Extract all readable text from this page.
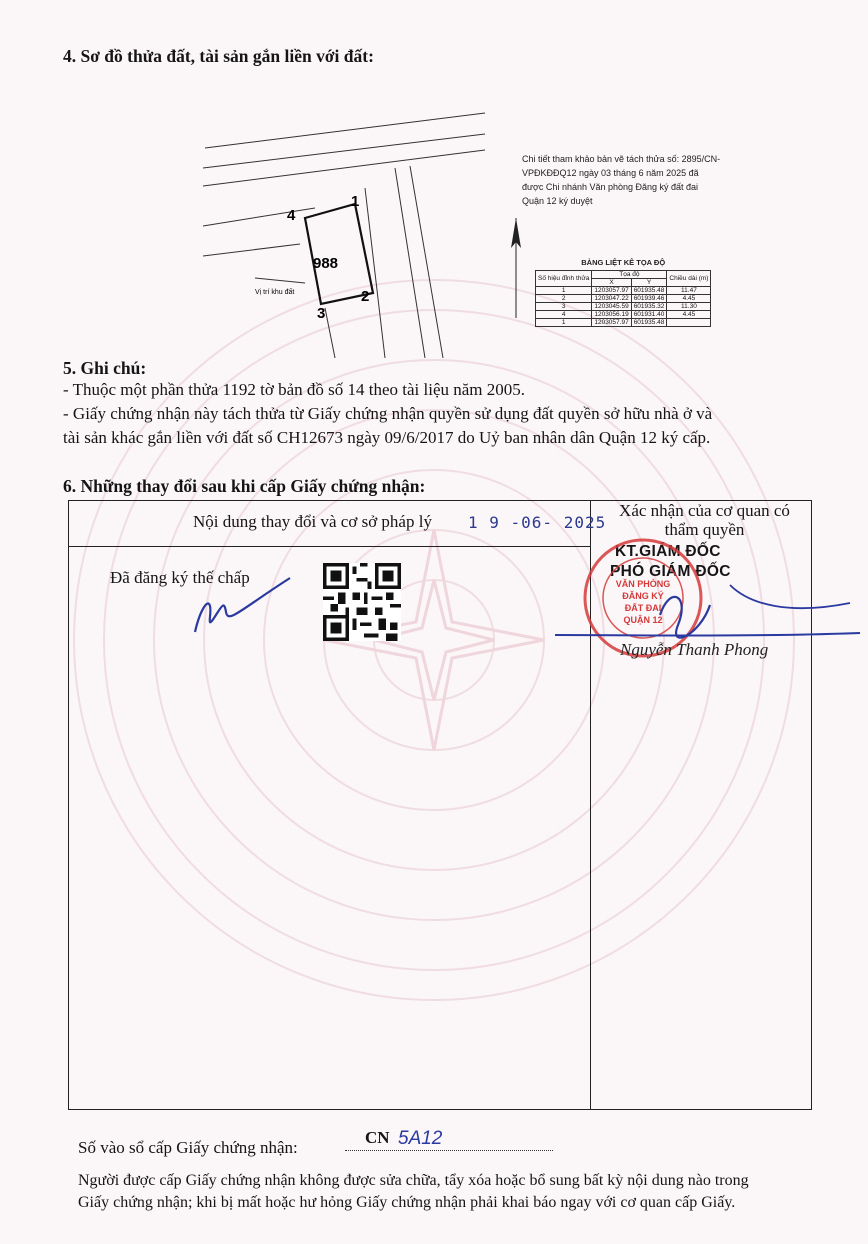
4. Sơ đồ thửa đất, tài sản gắn liền với đất:
1
4
2
3
988
Vị trí khu đất
Chi tiết tham khảo bản vẽ tách thửa số: 2895/CN-VPĐKĐĐQ12 ngày 03 tháng 6 năm 2025 đã được Chi nhánh Văn phòng Đăng ký đất đai Quận 12 ký duyệt
BẢNG LIỆT KÊ TỌA ĐỘ
Số hiệu đỉnh thửa	Tọa độ		Chiều dài (m)
	X	Y	
1	1203057.97	601935.48	11.47
2	1203047.22	601939.46	4.45
3	1203045.59	601935.32	11.30
4	1203056.19	601931.40	4.45
1	1203057.97	601935.48	
5. Ghi chú:
- Thuộc một phần thửa 1192 tờ bản đồ số 14 theo tài liệu năm 2005.
- Giấy chứng nhận này tách thửa từ Giấy chứng nhận quyền sử dụng đất quyền sở hữu nhà ở và
tài sản khác gắn liền với đất số CH12673 ngày 09/6/2017 do Uỷ ban nhân dân Quận 12 ký cấp.
6. Những thay đổi sau khi cấp Giấy chứng nhận:
Nội dung thay đổi và cơ sở pháp lý 1 9 -06- 2025
Xác nhận của cơ quan có thẩm quyền
Đã đăng ký thế chấp
KT.GIÁM ĐỐC
PHÓ GIÁM ĐỐC
VĂN PHÒNG
ĐĂNG KÝ
ĐẤT ĐAI
QUẬN 12
Nguyễn Thanh Phong
Số vào sổ cấp Giấy chứng nhận:
CN 5A12
Người được cấp Giấy chứng nhận không được sửa chữa, tẩy xóa hoặc bổ sung bất kỳ nội dung nào trong
Giấy chứng nhận; khi bị mất hoặc hư hỏng Giấy chứng nhận phải khai báo ngay với cơ quan cấp Giấy.
